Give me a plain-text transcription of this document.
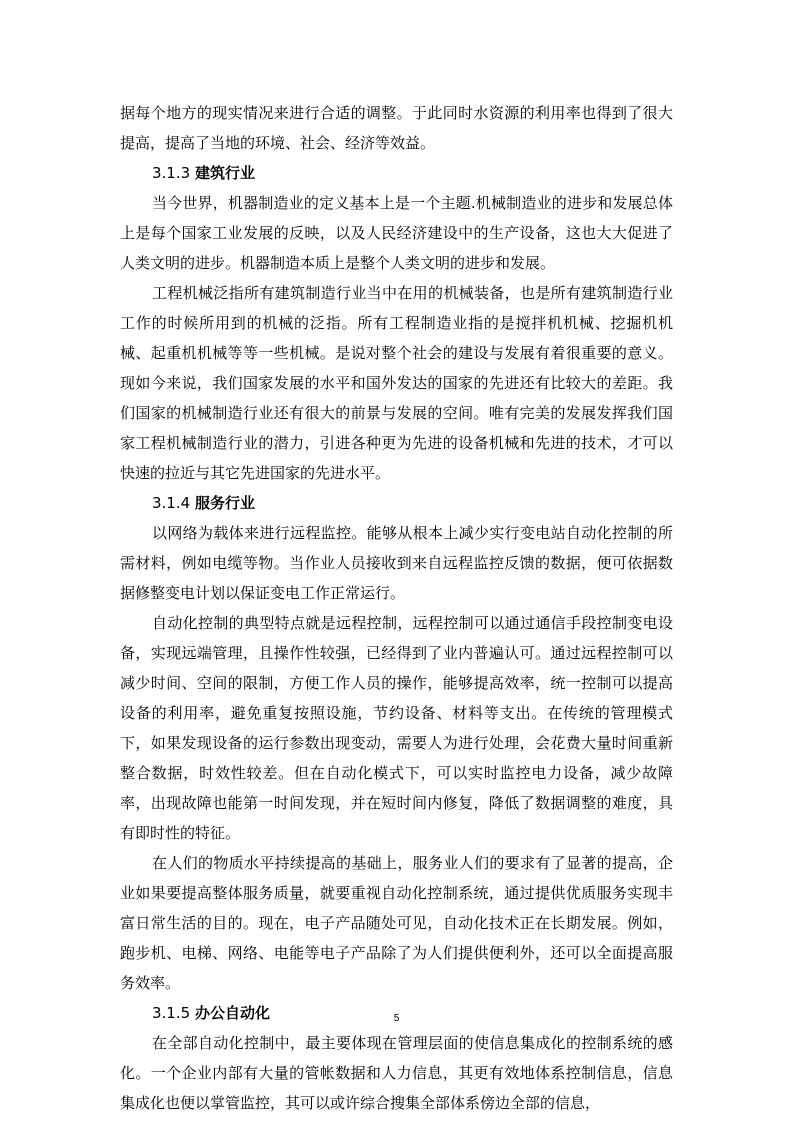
据每个地方的现实情况来进行合适的调整。于此同时水资源的利用率也得到了很大提高，提高了当地的环境、社会、经济等效益。

3.1.3 建筑行业

当今世界，机器制造业的定义基本上是一个主题.机械制造业的进步和发展总体上是每个国家工业发展的反映，以及人民经济建设中的生产设备，这也大大促进了人类文明的进步。机器制造本质上是整个人类文明的进步和发展。

工程机械泛指所有建筑制造行业当中在用的机械装备，也是所有建筑制造行业工作的时候所用到的机械的泛指。所有工程制造业指的是搅拌机机械、挖掘机机械、起重机机械等等一些机械。是说对整个社会的建设与发展有着很重要的意义。现如今来说，我们国家发展的水平和国外发达的国家的先进还有比较大的差距。我们国家的机械制造行业还有很大的前景与发展的空间。唯有完美的发展发挥我们国家工程机械制造行业的潜力，引进各种更为先进的设备机械和先进的技术，才可以快速的拉近与其它先进国家的先进水平。

3.1.4 服务行业

以网络为载体来进行远程监控。能够从根本上减少实行变电站自动化控制的所需材料，例如电缆等物。当作业人员接收到来自远程监控反馈的数据，便可依据数据修整变电计划以保证变电工作正常运行。

自动化控制的典型特点就是远程控制，远程控制可以通过通信手段控制变电设备，实现远端管理，且操作性较强，已经得到了业内普遍认可。通过远程控制可以减少时间、空间的限制，方便工作人员的操作，能够提高效率，统一控制可以提高设备的利用率，避免重复按照设施，节约设备、材料等支出。在传统的管理模式下，如果发现设备的运行参数出现变动，需要人为进行处理，会花费大量时间重新整合数据，时效性较差。但在自动化模式下，可以实时监控电力设备，减少故障率，出现故障也能第一时间发现，并在短时间内修复，降低了数据调整的难度，具有即时性的特征。

在人们的物质水平持续提高的基础上，服务业人们的要求有了显著的提高，企业如果要提高整体服务质量，就要重视自动化控制系统，通过提供优质服务实现丰富日常生活的目的。现在，电子产品随处可见，自动化技术正在长期发展。例如，跑步机、电梯、网络、电能等电子产品除了为人们提供便利外，还可以全面提高服务效率。

3.1.5 办公自动化

在全部自动化控制中，最主要体现在管理层面的使信息集成化的控制系统的感化。一个企业内部有大量的管帐数据和人力信息，其更有效地体系控制信息，信息集成化也便以掌管监控，其可以或许综合搜集全部体系傍边全部的信息，

5
